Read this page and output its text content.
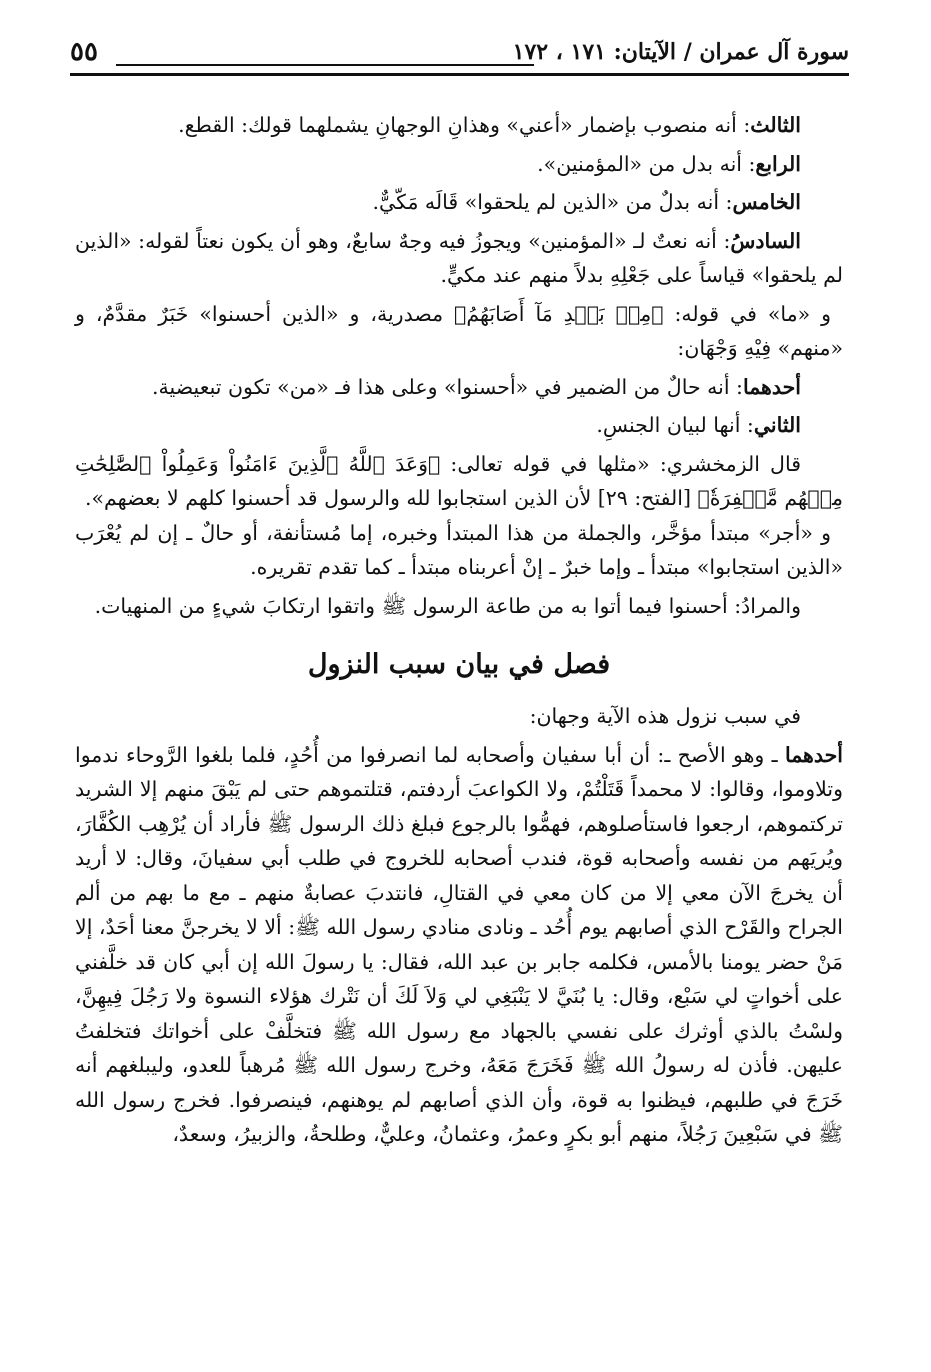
٥٥	سورة آل عمران / الآيتان: ١٧١ ، ١٧٢

الثالث: أنه منصوب بإضمار «أعني» وهذانِ الوجهانِ يشملهما قولك: القطع.

الرابع: أنه بدل من «المؤمنين».

الخامس: أنه بدلٌ من «الذين لم يلحقوا» قَالَه مَكّيٌّ.

السادسُ: أنه نعتٌ لـ «المؤمنين» ويجوزُ فيه وجهٌ سابعٌ، وهو أن يكون نعتاً لقوله: «الذين لم يلحقوا» قياساً على جَعْلِهِ بدلاً منهم عند مكيٍّ.

و «ما» في قوله: ﴿مِنۢ بَعۡدِ مَآ أَصَابَهُمُ﴾ مصدرية، و «الذين أحسنوا» خَبَرٌ مقدَّمٌ، و «منهم» فِيْهِ وَجْهَان:

أحدهما: أنه حالٌ من الضمير في «أحسنوا» وعلى هذا فـ «من» تكون تبعيضية.

الثاني: أنها لبيان الجنسِ.

قال الزمخشري: «مثلها في قوله تعالى: ﴿وَعَدَ ٱللَّهُ ٱلَّذِينَ ءَامَنُواْ وَعَمِلُواْ ٱلصَّٰلِحَٰتِ مِنۡهُم مَّغۡفِرَةٗ﴾ [الفتح: ٢٩] لأن الذين استجابوا لله والرسول قد أحسنوا كلهم لا بعضهم».

و «أجر» مبتدأ مؤخَّر، والجملة من هذا المبتدأ وخبره، إما مُستأنفة، أو حالٌ ـ إن لم يُعْرَب «الذين استجابوا» مبتدأ ـ وإما خبرٌ ـ إنْ أعربناه مبتدأ ـ كما تقدم تقريره.

والمرادُ: أحسنوا فيما أتوا به من طاعة الرسول ﷺ واتقوا ارتكابَ شيءٍ من المنهيات.

فصل في بيان سبب النزول

في سبب نزول هذه الآية وجهان:

أحدهما ـ وهو الأصح ـ: أن أبا سفيان وأصحابه لما انصرفوا من أُحُدٍ، فلما بلغوا الرَّوحاء ندموا وتلاوموا، وقالوا: لا محمداً قَتَلْتُمْ، ولا الكواعبَ أردفتم، قتلتموهم حتى لم يَبْقَ منهم إلا الشريد تركتموهم، ارجعوا فاستأصلوهم، فهمُّوا بالرجوع فبلغ ذلك الرسول ﷺ فأراد أن يُرْهِب الكُفَّارَ، ويُريَهم من نفسه وأصحابه قوة، فندب أصحابه للخروج في طلب أبي سفيانَ، وقال: لا أريد أن يخرجَ الآن معي إلا من كان معي في القتالِ، فانتدبَ عصابةٌ منهم ـ مع ما بهم من ألم الجراح والقَرْح الذي أصابهم يوم أُحُد ـ ونادى منادي رسول الله ﷺ: ألا لا يخرجنَّ معنا أحَدٌ، إلا مَنْ حضر يومنا بالأمس، فكلمه جابر بن عبد الله، فقال: يا رسولَ الله إن أبي كان قد خلَّفني على أخواتٍ لي سَبْع، وقال: يا بُنَيَّ لا يَنْبَغِي لي وَلاَ لَكَ أن نَتْرك هؤلاء النسوة ولا رَجُلَ فِيهِنَّ، ولسْتُ بالذي أوثرك على نفسي بالجهاد مع رسول الله ﷺ فتخلَّفْ على أخواتك فتخلفتُ عليهن. فأذن له رسولُ الله ﷺ فَخَرَجَ مَعَهُ، وخرج رسول الله ﷺ مُرهباً للعدو، وليبلغهم أنه خَرَجَ في طلبهم، فيظنوا به قوة، وأن الذي أصابهم لم يوهنهم، فينصرفوا. فخرج رسول الله ﷺ في سَبْعِينَ رَجُلاً، منهم أبو بكرٍ وعمرُ، وعثمانُ، وعليٌّ، وطلحةُ، والزبيرُ، وسعدٌ،
